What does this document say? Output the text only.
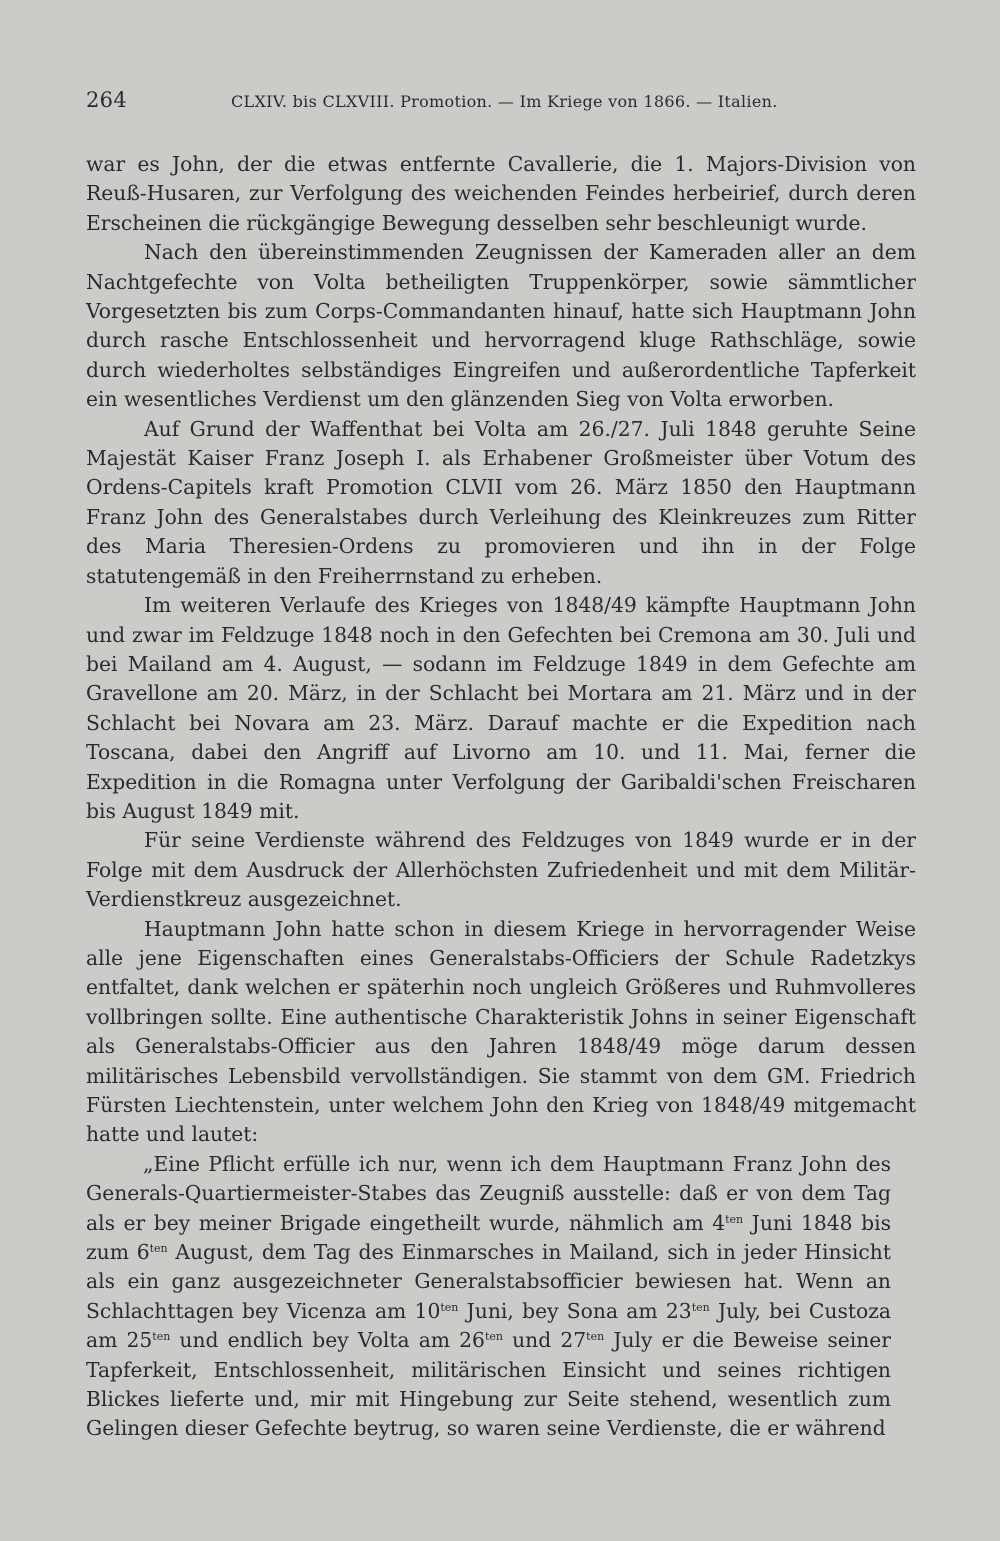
264	CLXIV. bis CLXVIII. Promotion. — Im Kriege von 1866. — Italien.

war es John, der die etwas entfernte Cavallerie, die 1. Majors-Division von Reuß-Husaren, zur Verfolgung des weichenden Feindes herbeirief, durch deren Erscheinen die rückgängige Bewegung desselben sehr beschleunigt wurde.

Nach den übereinstimmenden Zeugnissen der Kameraden aller an dem Nachtgefechte von Volta betheiligten Truppenkörper, sowie sämmtlicher Vorgesetzten bis zum Corps-Commandanten hinauf, hatte sich Hauptmann John durch rasche Entschlossenheit und hervorragend kluge Rathschläge, sowie durch wiederholtes selbständiges Eingreifen und außerordentliche Tapferkeit ein wesentliches Verdienst um den glänzenden Sieg von Volta erworben.

Auf Grund der Waffenthat bei Volta am 26./27. Juli 1848 geruhte Seine Majestät Kaiser Franz Joseph I. als Erhabener Großmeister über Votum des Ordens-Capitels kraft Promotion CLVII vom 26. März 1850 den Hauptmann Franz John des Generalstabes durch Verleihung des Kleinkreuzes zum Ritter des Maria Theresien-Ordens zu promovieren und ihn in der Folge statutengemäß in den Freiherrnstand zu erheben.

Im weiteren Verlaufe des Krieges von 1848/49 kämpfte Hauptmann John und zwar im Feldzuge 1848 noch in den Gefechten bei Cremona am 30. Juli und bei Mailand am 4. August, — sodann im Feldzuge 1849 in dem Gefechte am Gravellone am 20. März, in der Schlacht bei Mortara am 21. März und in der Schlacht bei Novara am 23. März. Darauf machte er die Expedition nach Toscana, dabei den Angriff auf Livorno am 10. und 11. Mai, ferner die Expedition in die Romagna unter Verfolgung der Garibaldi'schen Freischaren bis August 1849 mit.

Für seine Verdienste während des Feldzuges von 1849 wurde er in der Folge mit dem Ausdruck der Allerhöchsten Zufriedenheit und mit dem Militär-Verdienstkreuz ausgezeichnet.

Hauptmann John hatte schon in diesem Kriege in hervorragender Weise alle jene Eigenschaften eines Generalstabs-Officiers der Schule Radetzkys entfaltet, dank welchen er späterhin noch ungleich Größeres und Ruhmvolleres vollbringen sollte. Eine authentische Charakteristik Johns in seiner Eigenschaft als Generalstabs-Officier aus den Jahren 1848/49 möge darum dessen militärisches Lebensbild vervollständigen. Sie stammt von dem GM. Friedrich Fürsten Liechtenstein, unter welchem John den Krieg von 1848/49 mitgemacht hatte und lautet:

„Eine Pflicht erfülle ich nur, wenn ich dem Hauptmann Franz John des Generals-Quartiermeister-Stabes das Zeugniß ausstelle: daß er von dem Tag als er bey meiner Brigade eingetheilt wurde, nähmlich am $4^{ten}$ Juni 1848 bis zum $6^{ten}$ August, dem Tag des Einmarsches in Mailand, sich in jeder Hinsicht als ein ganz ausgezeichneter Generalstabsofficier bewiesen hat. Wenn an Schlachttagen bey Vicenza am $10^{ten}$ Juni, bey Sona am $23^{ten}$ July, bei Custoza am $25^{ten}$ und endlich bey Volta am $26^{ten}$ und $27^{ten}$ July er die Beweise seiner Tapferkeit, Entschlossenheit, militärischen Einsicht und seines richtigen Blickes lieferte und, mir mit Hingebung zur Seite stehend, wesentlich zum Gelingen dieser Gefechte beytrug, so waren seine Verdienste, die er während
